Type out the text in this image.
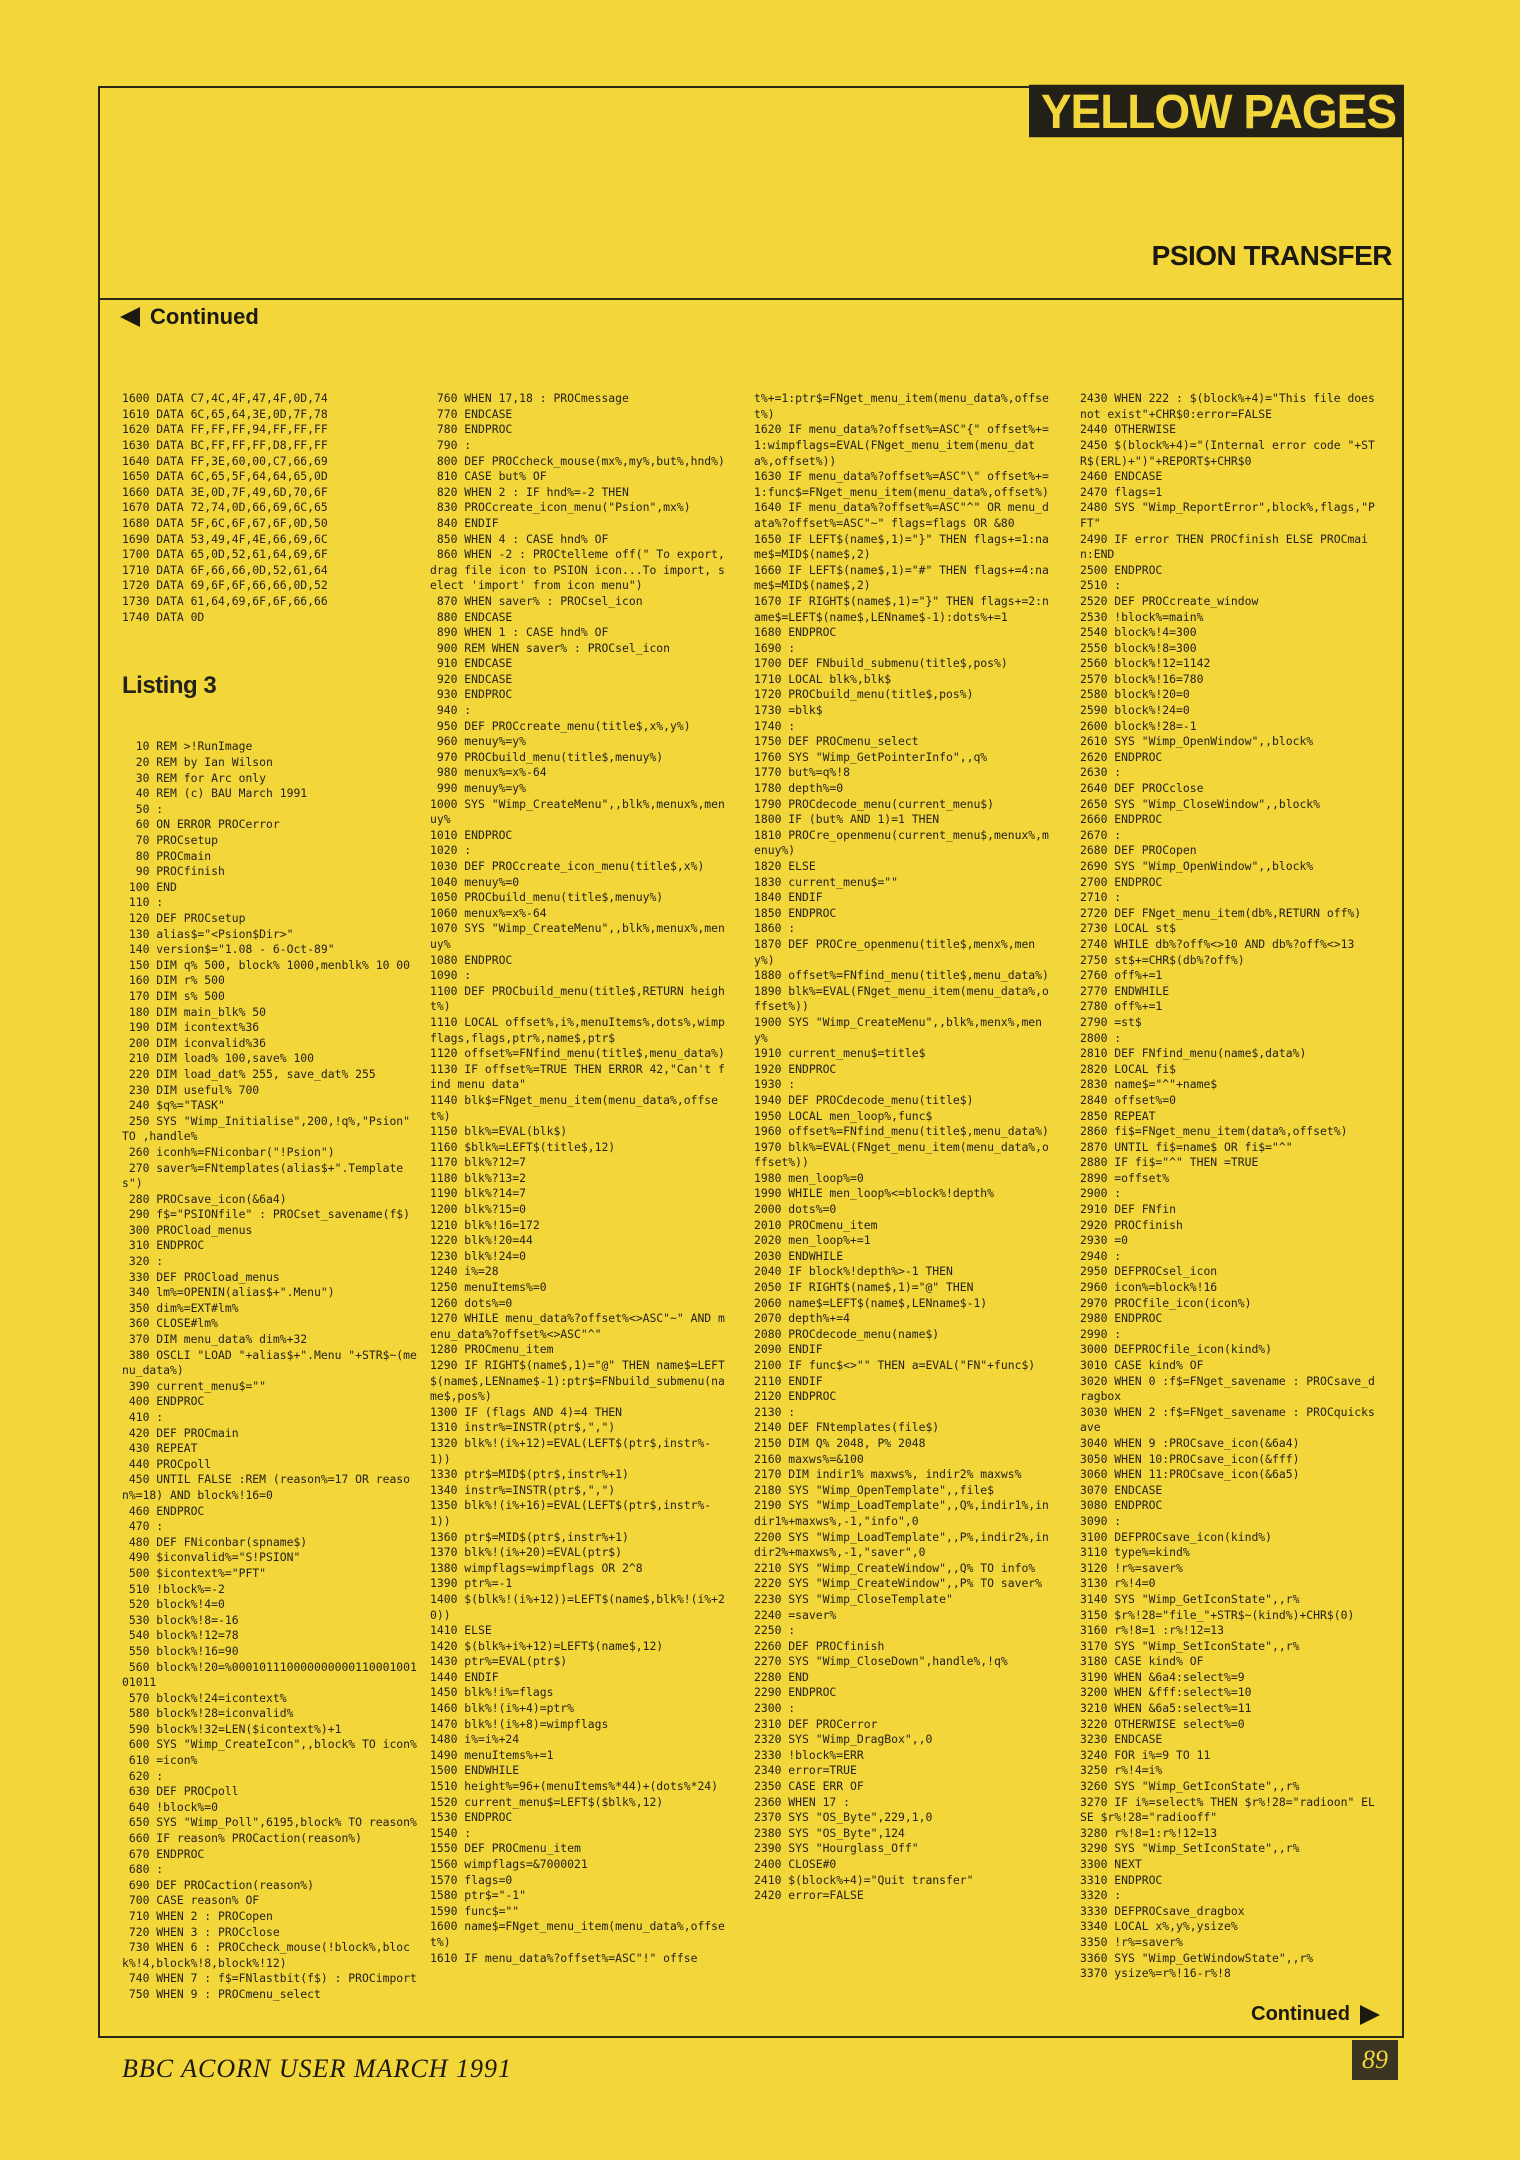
YELLOW PAGES
PSION TRANSFER
Continued

1600 DATA C7,4C,4F,47,4F,0D,74
1610 DATA 6C,65,64,3E,0D,7F,78
1620 DATA FF,FF,FF,94,FF,FF,FF
1630 DATA BC,FF,FF,FF,D8,FF,FF
1640 DATA FF,3E,60,00,C7,66,69
1650 DATA 6C,65,5F,64,64,65,0D
1660 DATA 3E,0D,7F,49,6D,70,6F
1670 DATA 72,74,0D,66,69,6C,65
1680 DATA 5F,6C,6F,67,6F,0D,50
1690 DATA 53,49,4F,4E,66,69,6C
1700 DATA 65,0D,52,61,64,69,6F
1710 DATA 6F,66,66,0D,52,61,64
1720 DATA 69,6F,6F,66,66,0D,52
1730 DATA 61,64,69,6F,6F,66,66
1740 DATA 0D

Listing 3

10 REM >!RunImage
20 REM by Ian Wilson
30 REM for Arc only
40 REM (c) BAU March 1991
50 :
60 ON ERROR PROCerror
70 PROCsetup
80 PROCmain
90 PROCfinish
100 END
110 :
120 DEF PROCsetup
130 alias$="<Psion$Dir>"
140 version$="1.08 - 6-Oct-89"
150 DIM q% 500, block% 1000,menblk% 10 00
160 DIM r% 500
170 DIM s% 500
180 DIM main_blk% 50
190 DIM icontext%36
200 DIM iconvalid%36
210 DIM load% 100,save% 100
220 DIM load_dat% 255, save_dat% 255
230 DIM useful% 700
240 $q%="TASK"
250 SYS "Wimp_Initialise",200,!q%,"Psion" TO ,handle%
260 iconh%=FNiconbar("!Psion")
270 saver%=FNtemplates(alias$+".Templates")
280 PROCsave_icon(&6a4)
290 f$="PSIONfile" : PROCset_savename(f$)
300 PROCload_menus
310 ENDPROC
320 :
330 DEF PROCload_menus
340 lm%=OPENIN(alias$+".Menu")
350 dim%=EXT#lm%
360 CLOSE#lm%
370 DIM menu_data% dim%+32
380 OSCLI "LOAD "+alias$+".Menu "+STR$~(menu_data%)
390 current_menu$=""
400 ENDPROC
410 :
420 DEF PROCmain
430 REPEAT
440 PROCpoll
450 UNTIL FALSE :REM (reason%=17 OR reason%=18) AND block%!16=0
460 ENDPROC
470 :
480 DEF FNiconbar(spname$)
490 $iconvalid%="S!PSION"
500 $icontext%="PFT"
510 !block%=-2
520 block%!4=0
530 block%!8=-16
540 block%!12=78
550 block%!16=90
560 block%!20=%00010111000000000011000100101011
570 block%!24=icontext%
580 block%!28=iconvalid%
590 block%!32=LEN($icontext%)+1
600 SYS "Wimp_CreateIcon",,block% TO icon%
610 =icon%
620 :
630 DEF PROCpoll
640 !block%=0
650 SYS "Wimp_Poll",6195,block% TO reason%
660 IF reason% PROCaction(reason%)
670 ENDPROC
680 :
690 DEF PROCaction(reason%)
700 CASE reason% OF
710 WHEN 2 : PROCopen
720 WHEN 3 : PROCclose
730 WHEN 6 : PROCcheck_mouse(!block%,block%!4,block%!8,block%!12)
740 WHEN 7 : f$=FNlastbit(f$) : PROCimport
750 WHEN 9 : PROCmenu_select

760 WHEN 17,18 : PROCmessage
770 ENDCASE
780 ENDPROC
790 :
800 DEF PROCcheck_mouse(mx%,my%,but%,hnd%)
810 CASE but% OF
820 WHEN 2 : IF hnd%=-2 THEN
830 PROCcreate_icon_menu("Psion",mx%)
840 ENDIF
850 WHEN 4 : CASE hnd% OF
860 WHEN -2 : PROCtelleme off(" To export, drag file icon to PSION icon...To import, select 'import' from icon menu")
870 WHEN saver% : PROCsel_icon
880 ENDCASE
890 WHEN 1 : CASE hnd% OF
900 REM WHEN saver% : PROCsel_icon
910 ENDCASE
920 ENDCASE
930 ENDPROC
940 :
950 DEF PROCcreate_menu(title$,x%,y%)
960 menuy%=y%
970 PROCbuild_menu(title$,menuy%)
980 menux%=x%-64
990 menuy%=y%
1000 SYS "Wimp_CreateMenu",,blk%,menux%,menuy%
1010 ENDPROC
1020 :
1030 DEF PROCcreate_icon_menu(title$,x%)
1040 menuy%=0
1050 PROCbuild_menu(title$,menuy%)
1060 menux%=x%-64
1070 SYS "Wimp_CreateMenu",,blk%,menux%,menuy%
1080 ENDPROC
1090 :
1100 DEF PROCbuild_menu(title$,RETURN height%)
1110 LOCAL offset%,i%,menuItems%,dots%,wimpflags,flags,ptr%,name$,ptr$
1120 offset%=FNfind_menu(title$,menu_data%)
1130 IF offset%=TRUE THEN ERROR 42,"Can't find menu data"
1140 blk$=FNget_menu_item(menu_data%,offset%)
1150 blk%=EVAL(blk$)
1160 $blk%=LEFT$(title$,12)
1170 blk%?12=7
1180 blk%?13=2
1190 blk%?14=7
1200 blk%?15=0
1210 blk%!16=172
1220 blk%!20=44
1230 blk%!24=0
1240 i%=28
1250 menuItems%=0
1260 dots%=0
1270 WHILE menu_data%?offset%<>ASC"~" AND menu_data%?offset%<>ASC"^"
1280 PROCmenu_item
1290 IF RIGHT$(name$,1)="@" THEN name$=LEFT$(name$,LENname$-1):ptr$=FNbuild_submenu(name$,pos%)
1300 IF (flags AND 4)=4 THEN
1310 instr%=INSTR(ptr$,",")
1320 blk%!(i%+12)=EVAL(LEFT$(ptr$,instr%-1))
1330 ptr$=MID$(ptr$,instr%+1)
1340 instr%=INSTR(ptr$,",")
1350 blk%!(i%+16)=EVAL(LEFT$(ptr$,instr%-1))
1360 ptr$=MID$(ptr$,instr%+1)
1370 blk%!(i%+20)=EVAL(ptr$)
1380 wimpflags=wimpflags OR 2^8
1390 ptr%=-1
1400 $(blk%!(i%+12))=LEFT$(name$,blk%!(i%+20))
1410 ELSE
1420 $(blk%+i%+12)=LEFT$(name$,12)
1430 ptr%=EVAL(ptr$)
1440 ENDIF
1450 blk%!i%=flags
1460 blk%!(i%+4)=ptr%
1470 blk%!(i%+8)=wimpflags
1480 i%=i%+24
1490 menuItems%+=1
1500 ENDWHILE
1510 height%=96+(menuItems%*44)+(dots%*24)
1520 current_menu$=LEFT$($blk%,12)
1530 ENDPROC
1540 :
1550 DEF PROCmenu_item
1560 wimpflags=&7000021
1570 flags=0
1580 ptr$="-1"
1590 func$=""
1600 name$=FNget_menu_item(menu_data%,offset%)
1610 IF menu_data%?offset%=ASC"!" offse

t%+=1:ptr$=FNget_menu_item(menu_data%,offset%)
1620 IF menu_data%?offset%=ASC"{" offset%+=1:wimpflags=EVAL(FNget_menu_item(menu_data%,offset%))
1630 IF menu_data%?offset%=ASC"\" offset%+=1:func$=FNget_menu_item(menu_data%,offset%)
1640 IF menu_data%?offset%=ASC"^" OR menu_data%?offset%=ASC"~" flags=flags OR &80
1650 IF LEFT$(name$,1)="}" THEN flags+=1:name$=MID$(name$,2)
1660 IF LEFT$(name$,1)="#" THEN flags+=4:name$=MID$(name$,2)
1670 IF RIGHT$(name$,1)="}" THEN flags+=2:name$=LEFT$(name$,LENname$-1):dots%+=1
1680 ENDPROC
1690 :
1700 DEF FNbuild_submenu(title$,pos%)
1710 LOCAL blk%,blk$
1720 PROCbuild_menu(title$,pos%)
1730 =blk$
1740 :
1750 DEF PROCmenu_select
1760 SYS "Wimp_GetPointerInfo",,q%
1770 but%=q%!8
1780 depth%=0
1790 PROCdecode_menu(current_menu$)
1800 IF (but% AND 1)=1 THEN
1810 PROCre_openmenu(current_menu$,menux%,menuy%)
1820 ELSE
1830 current_menu$=""
1840 ENDIF
1850 ENDPROC
1860 :
1870 DEF PROCre_openmenu(title$,menx%,meny%)
1880 offset%=FNfind_menu(title$,menu_data%)
1890 blk%=EVAL(FNget_menu_item(menu_data%,offset%))
1900 SYS "Wimp_CreateMenu",,blk%,menx%,meny%
1910 current_menu$=title$
1920 ENDPROC
1930 :
1940 DEF PROCdecode_menu(title$)
1950 LOCAL men_loop%,func$
1960 offset%=FNfind_menu(title$,menu_data%)
1970 blk%=EVAL(FNget_menu_item(menu_data%,offset%))
1980 men_loop%=0
1990 WHILE men_loop%<=block%!depth%
2000 dots%=0
2010 PROCmenu_item
2020 men_loop%+=1
2030 ENDWHILE
2040 IF block%!depth%>-1 THEN
2050 IF RIGHT$(name$,1)="@" THEN
2060 name$=LEFT$(name$,LENname$-1)
2070 depth%+=4
2080 PROCdecode_menu(name$)
2090 ENDIF
2100 IF func$<>"" THEN a=EVAL("FN"+func$)
2110 ENDIF
2120 ENDPROC
2130 :
2140 DEF FNtemplates(file$)
2150 DIM Q% 2048, P% 2048
2160 maxws%=&100
2170 DIM indir1% maxws%, indir2% maxws%
2180 SYS "Wimp_OpenTemplate",,file$
2190 SYS "Wimp_LoadTemplate",,Q%,indir1%,indir1%+maxws%,-1,"info",0
2200 SYS "Wimp_LoadTemplate",,P%,indir2%,indir2%+maxws%,-1,"saver",0
2210 SYS "Wimp_CreateWindow",,Q% TO info%
2220 SYS "Wimp_CreateWindow",,P% TO saver%
2230 SYS "Wimp_CloseTemplate"
2240 =saver%
2250 :
2260 DEF PROCfinish
2270 SYS "Wimp_CloseDown",handle%,!q%
2280 END
2290 ENDPROC
2300 :
2310 DEF PROCerror
2320 SYS "Wimp_DragBox",,0
2330 !block%=ERR
2340 error=TRUE
2350 CASE ERR OF
2360 WHEN 17 :
2370 SYS "OS_Byte",229,1,0
2380 SYS "OS_Byte",124
2390 SYS "Hourglass_Off"
2400 CLOSE#0
2410 $(block%+4)="Quit transfer"
2420 error=FALSE

2430 WHEN 222 : $(block%+4)="This file does not exist"+CHR$0:error=FALSE
2440 OTHERWISE
2450 $(block%+4)="(Internal error code "+STR$(ERL)+")"+REPORT$+CHR$0
2460 ENDCASE
2470 flags=1
2480 SYS "Wimp_ReportError",block%,flags,"PFT"
2490 IF error THEN PROCfinish ELSE PROCmain:END
2500 ENDPROC
2510 :
2520 DEF PROCcreate_window
2530 !block%=main%
2540 block%!4=300
2550 block%!8=300
2560 block%!12=1142
2570 block%!16=780
2580 block%!20=0
2590 block%!24=0
2600 block%!28=-1
2610 SYS "Wimp_OpenWindow",,block%
2620 ENDPROC
2630 :
2640 DEF PROCclose
2650 SYS "Wimp_CloseWindow",,block%
2660 ENDPROC
2670 :
2680 DEF PROCopen
2690 SYS "Wimp_OpenWindow",,block%
2700 ENDPROC
2710 :
2720 DEF FNget_menu_item(db%,RETURN off%)
2730 LOCAL st$
2740 WHILE db%?off%<>10 AND db%?off%<>13
2750 st$+=CHR$(db%?off%)
2760 off%+=1
2770 ENDWHILE
2780 off%+=1
2790 =st$
2800 :
2810 DEF FNfind_menu(name$,data%)
2820 LOCAL fi$
2830 name$="^"+name$
2840 offset%=0
2850 REPEAT
2860 fi$=FNget_menu_item(data%,offset%)
2870 UNTIL fi$=name$ OR fi$="^"
2880 IF fi$="^" THEN =TRUE
2890 =offset%
2900 :
2910 DEF FNfin
2920 PROCfinish
2930 =0
2940 :
2950 DEFPROCsel_icon
2960 icon%=block%!16
2970 PROCfile_icon(icon%)
2980 ENDPROC
2990 :
3000 DEFPROCfile_icon(kind%)
3010 CASE kind% OF
3020 WHEN 0 :f$=FNget_savename : PROCsave_dragbox
3030 WHEN 2 :f$=FNget_savename : PROCquicksave
3040 WHEN 9 :PROCsave_icon(&6a4)
3050 WHEN 10:PROCsave_icon(&fff)
3060 WHEN 11:PROCsave_icon(&6a5)
3070 ENDCASE
3080 ENDPROC
3090 :
3100 DEFPROCsave_icon(kind%)
3110 type%=kind%
3120 !r%=saver%
3130 r%!4=0
3140 SYS "Wimp_GetIconState",,r%
3150 $r%!28="file_"+STR$~(kind%)+CHR$(0)
3160 r%!8=1 :r%!12=13
3170 SYS "Wimp_SetIconState",,r%
3180 CASE kind% OF
3190 WHEN &6a4:select%=9
3200 WHEN &fff:select%=10
3210 WHEN &6a5:select%=11
3220 OTHERWISE select%=0
3230 ENDCASE
3240 FOR i%=9 TO 11
3250 r%!4=i%
3260 SYS "Wimp_GetIconState",,r%
3270 IF i%=select% THEN $r%!28="radioon" ELSE $r%!28="radiooff"
3280 r%!8=1:r%!12=13
3290 SYS "Wimp_SetIconState",,r%
3300 NEXT
3310 ENDPROC
3320 :
3330 DEFPROCsave_dragbox
3340 LOCAL x%,y%,ysize%
3350 !r%=saver%
3360 SYS "Wimp_GetWindowState",,r%
3370 ysize%=r%!16-r%!8

Continued
BBC ACORN USER MARCH 1991	89
